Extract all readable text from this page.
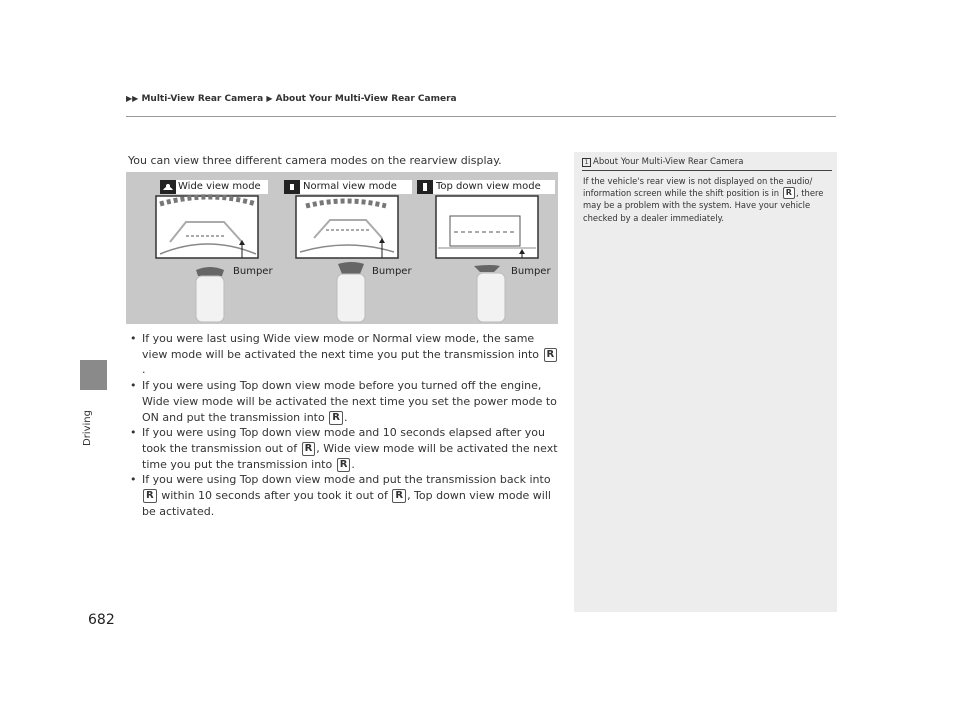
▶▶ Multi-View Rear Camera ▶ About Your Multi-View Rear Camera
Driving
682
You can view three different camera modes on the rearview display.
Wide view mode	Normal view mode	Top down view mode
Bumper	Bumper	Bumper
• If you were last using Wide view mode or Normal view mode, the same view mode will be activated the next time you put the transmission into R.
• If you were using Top down view mode before you turned off the engine, Wide view mode will be activated the next time you set the power mode to ON and put the transmission into R .
• If you were using Top down view mode and 10 seconds elapsed after you took the transmission out of R , Wide view mode will be activated the next time you put the transmission into R .
• If you were using Top down view mode and put the transmission back into R within 10 seconds after you took it out of R , Top down view mode will be activated.
1 About Your Multi-View Rear Camera
If the vehicle's rear view is not displayed on the audio/ information screen while the shift position is in R , there may be a problem with the system. Have your vehicle checked by a dealer immediately.
